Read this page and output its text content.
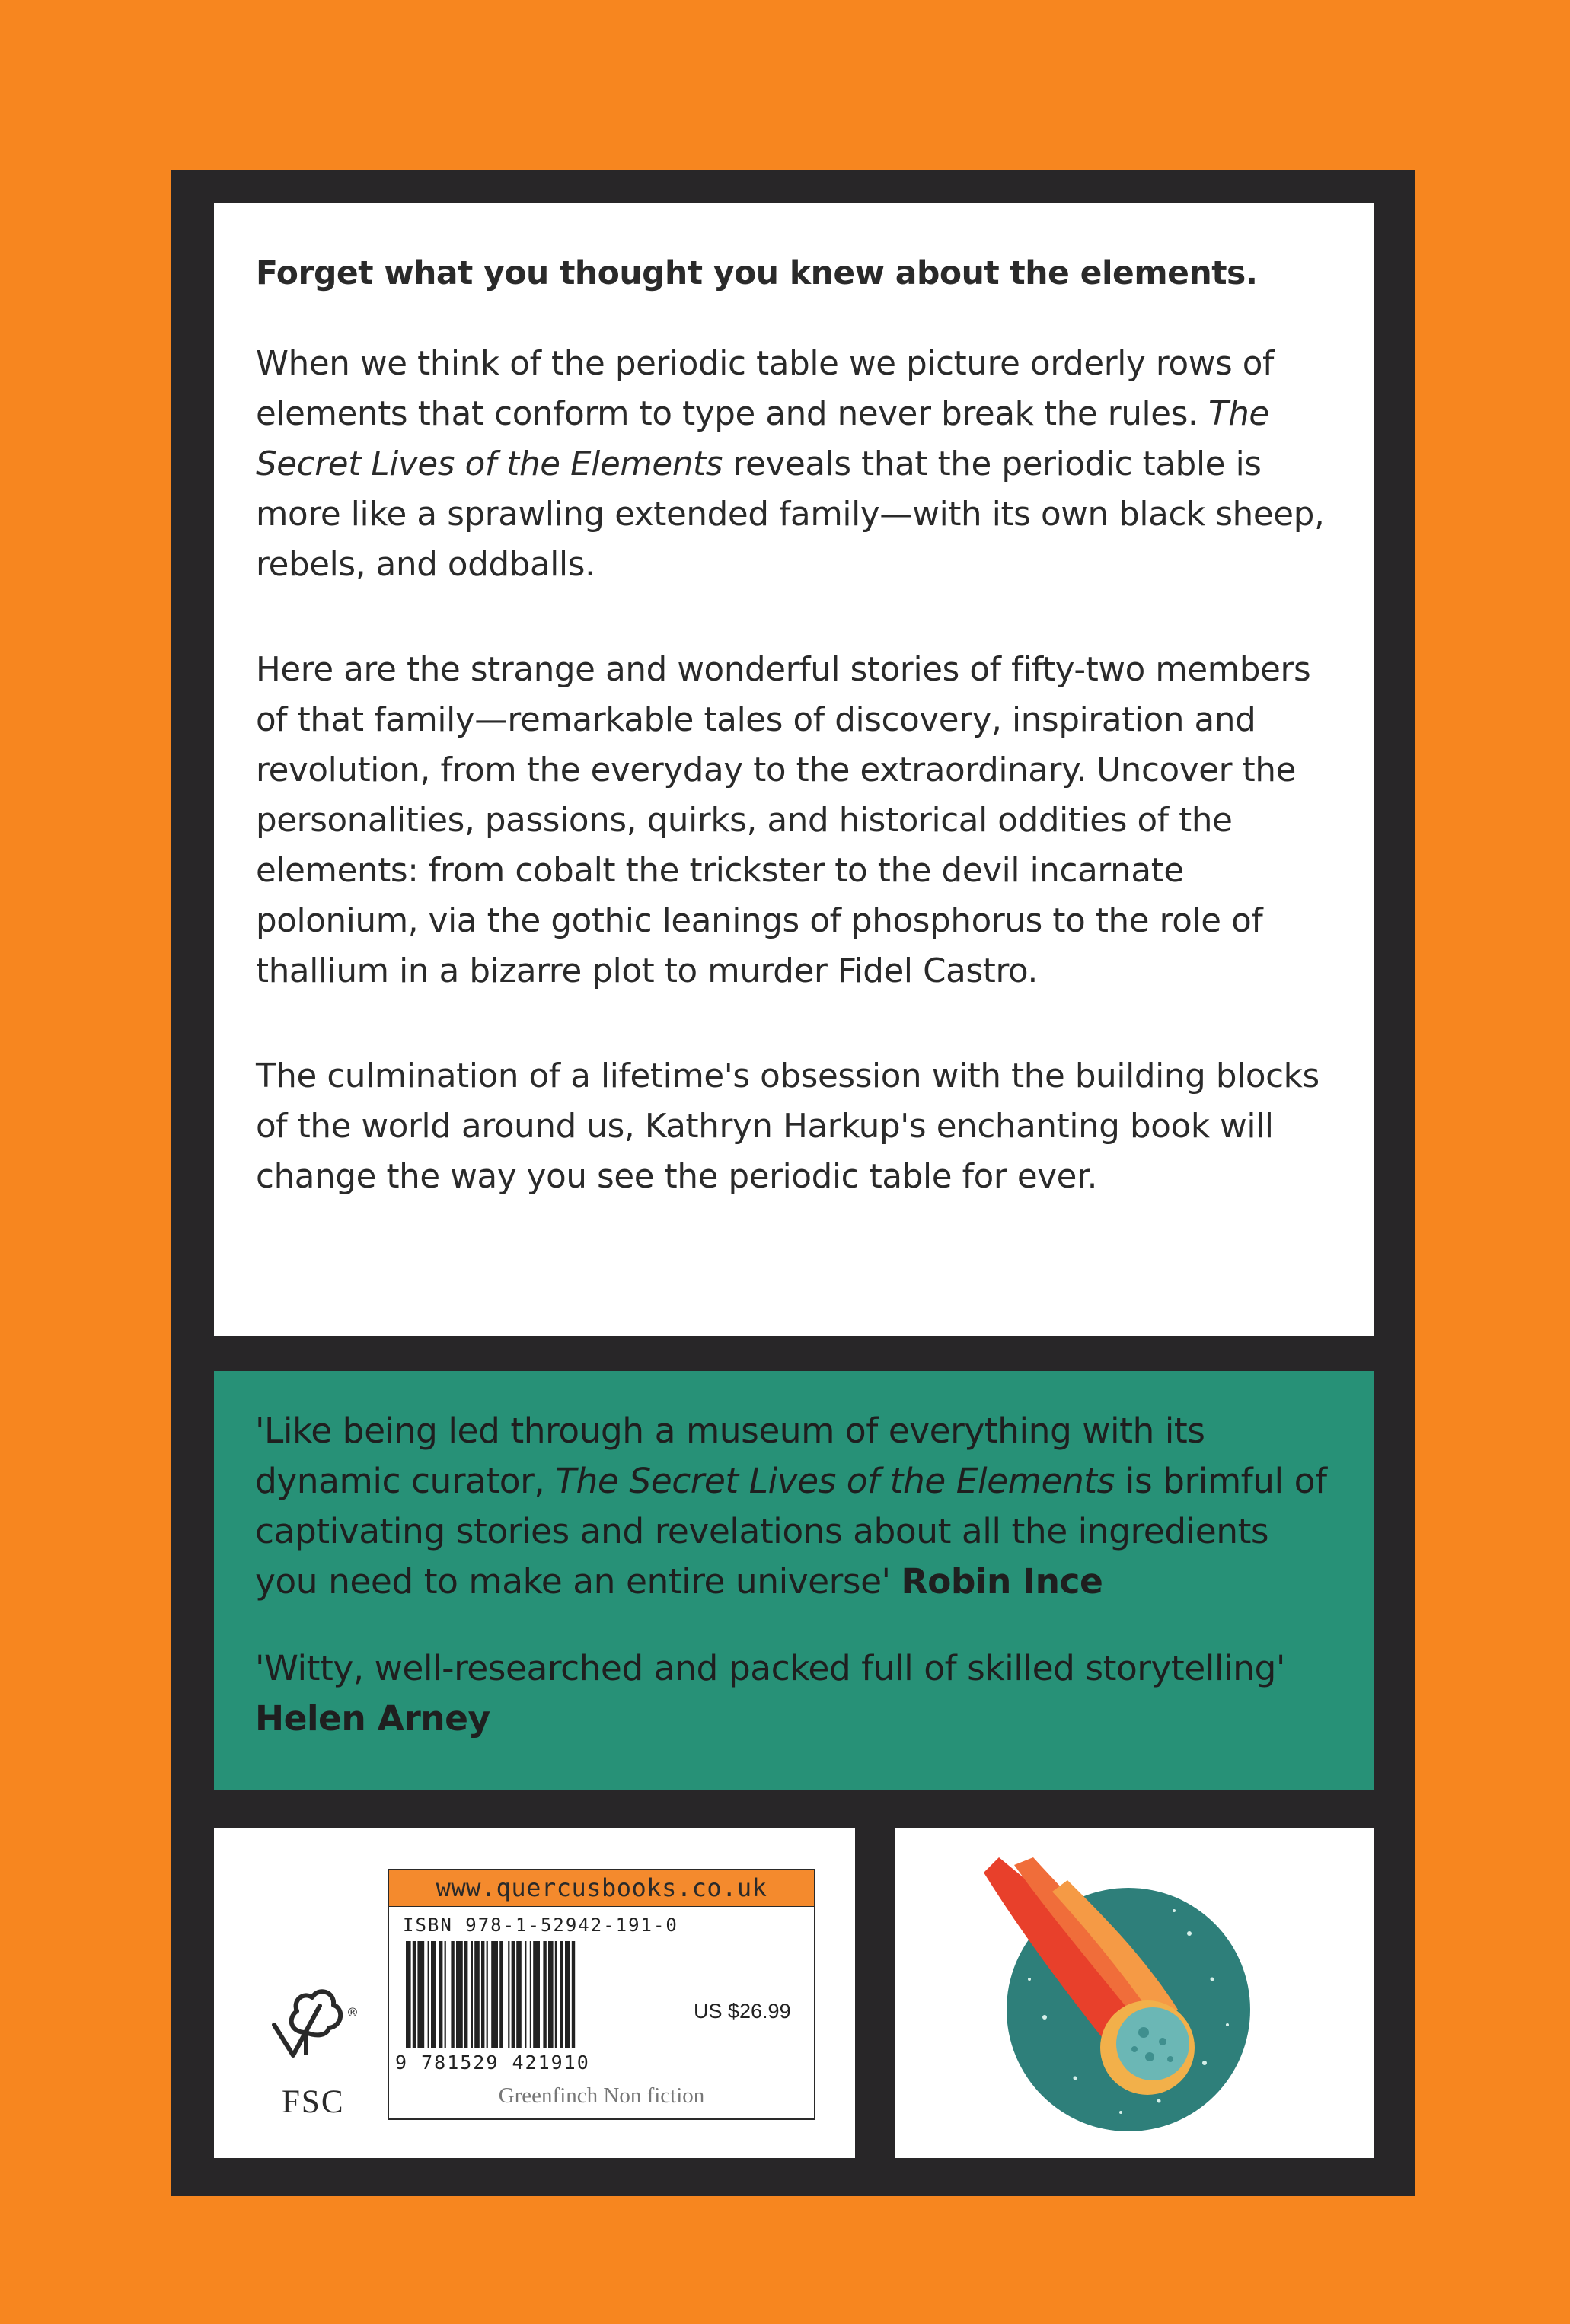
Forget what you thought you knew about the elements.

When we think of the periodic table we picture orderly rows of elements that conform to type and never break the rules. The Secret Lives of the Elements reveals that the periodic table is more like a sprawling extended family—with its own black sheep, rebels, and oddballs.

Here are the strange and wonderful stories of fifty-two members of that family—remarkable tales of discovery, inspiration and revolution, from the everyday to the extraordinary. Uncover the personalities, passions, quirks, and historical oddities of the elements: from cobalt the trickster to the devil incarnate polonium, via the gothic leanings of phosphorus to the role of thallium in a bizarre plot to murder Fidel Castro.

The culmination of a lifetime's obsession with the building blocks of the world around us, Kathryn Harkup's enchanting book will change the way you see the periodic table for ever.

'Like being led through a museum of everything with its dynamic curator, The Secret Lives of the Elements is brimful of captivating stories and revelations about all the ingredients you need to make an entire universe' Robin Ince

'Witty, well-researched and packed full of skilled storytelling' Helen Arney

www.quercusbooks.co.uk
ISBN 978-1-52942-191-0
US $26.99
9 781529 421910
Greenfinch Non fiction
®
FSC
